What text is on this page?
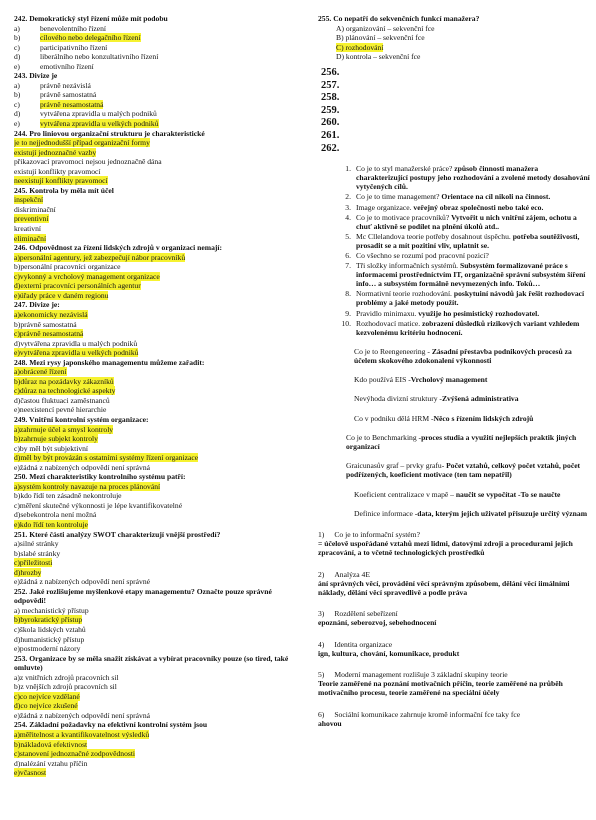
242. Demokratický styl řízení může mít podobu
a)	benevolentního řízení
b)	cílového nebo delegačního řízení
c)	participativního řízení
d)	liberálního nebo konzultativního řízení
e)	emotivního řízení
243. Divize je
a)	právně nezávislá
b)	právně samostatná
c)	právně nesamostatná
d)	vytvářena zpravidla u malých podniků
e)	vytvářena zpravidla u velkých podniků
244. Pro liniovou organizační strukturu je charakteristické
je to nejjednodušší případ organizační formy
existují jednoznačné vazby
přikazovací pravomoci nejsou jednoznačně dána
existují konflikty pravomocí
neexistují konflikty pravomocí
245. Kontrola by měla mít účel
inspekční
diskriminační
preventivní
kreativní
eliminační
246. Odpovědnost za řízení lidských zdrojů v organizaci nemají:
a)personální agentury, jež zabezpečují nábor pracovníků
b)personální pracovníci organizace
c)vykonný a vrcholový management organizace
d)externí pracovníci personálních agentur
e)úřady práce v daném regionu
247. Divize je:
a)ekonomicky nezávislá
b)právně samostatná
c)právně nesamostatná
d)vytvářena zpravidla u malých podniků
e)vytvářena zpravidla u velkých podniků
248. Mezi rysy japonského managementu můžeme zařadit:
a)obrácené řízení
b)důraz na pozádavky zákazníků
c)důraz na technologické aspekty
d)častou fluktuaci zaměstnanců
e)neexistencí pevné hierarchie
249. Vnitřní kontrolní systém organizace:
a)zahrnuje účel a smysl kontroly
b)zahrnuje subjekt kontroly
c)by měl být subjektivní
d)měl by být provázán s ostatními systémy řízení organizace
e)žádná z nabízených odpovědí není správná
250. Mezi charakteristiky kontrolního systému patří:
a)systém kontroly navazuje na proces plánování
b)kdo řídí ten zásadně nekontroluje
c)měření skutečné výkonnosti je lépe kvantifikovatelné
d)sebekontrola není možná
e)kdo řídí ten kontroluje
251. Které části analýzy SWOT charakterizují vnější prostředí?
a)silné stránky
b)slabé stránky
c)příležitosti
d)hrozby
e)žádná z nabízených odpovědí není správné
252. Jaké rozlišujeme myšlenkové etapy managementu? Označte pouze správné odpovědi!
a) mechanistický přístup
b)byrokratický přístup
c)škola lidských vztahů
d)humanistický přístup
e)postmoderní názory
253. Organizace by se měla snažit získávat a vybírat pracovníky pouze (so tired, také omluvte)
a)z vnitřních zdrojů pracovních sil
b)z vnějších zdrojů pracovních sil
c)co nejvíce vzdělané
d)co nejvíce zkušené
e)žádná z nabízených odpovědí není správná
254. Základní požadavky na efektivní kontrolní systém jsou
a)měřitelnost a kvantifikovatelnost výsledků
b)nákladová efektivnost
c)stanovení jednoznačné zodpovědnosti
d)nalézání vztahu příčin
e)včasnost
255. Co nepatří do sekvenčních funkcí manažera?
A) organizování – sekvenční fce
B) plánování – sekvenční fce
C) rozhodování
D) kontrola – sekvenční fce
256.
257.
258.
259.
260.
261.
262.
1. Co je to styl manažerské práce? způsob činnosti manažera charakterizující postupy jeho rozhodování a zvolené metody dosahování vytyčených cílů.
2. Co je to time management? Orientace na cíl nikoli na činnost.
3. Image organizace. veřejný obraz společnosti nebo také eco.
4. Co je to motivace pracovníků? Vytvořit u nich vnitřní zájem, ochotu a chuť aktivně se podílet na plnění úkolů atd..
5. Mc Cllelandova teorie potřeby dosahnout úspěchu. potřeba soutěživosti, prosadit se a mít pozitiní vliv, uplatnit se.
6. Co všechno se rozumí pod pracovní pozicí?
7. Tři složky informačních systémů. Subsystém formalizované práce s informacemi prostředníctvím IT, organizačně správní subsystém šíření info… a subsystém formálně nevymezených info. Toků…
8. Normativní teorie rozhodování. poskytuiní návodů jak řešit rozhodovací problémy a jaké metody použít.
9. Pravidlo minimaxu. využije ho pesimistický rozhodovatel.
10. Rozhodovací matice. zobrazení důsledků rizikových variant vzhledem kezvolenému kritériu hodnocení.
Co je to Reengeneering - Zásadní přestavba podnikových procesů za účelem skokového zdokonalení výkonnosti
Kdo používá EIS -Vrcholový management
Nevýhoda divizní struktury -Zvýšená administrativa
Co v podniku dělá HRM -Něco s řízením lidských zdrojů
Co je to Benchmarking -proces studia a využití nejlepších praktik jiných organizací
Graicunasův graf – prvky grafu- Počet vztahů, celkový počet vztahů, počet podřízených, koeficient motivace (ten tam nepatřil)
Koeficient centralizace v mapě – naučit se vypočítat -To se naučte
Definice informace -data, kterým jejich uživatel přisuzuje určitý význam
1) Co je to informační systém?
= účelově uspořádané vztahů mezi lidmi, datovými zdroji a procedurami jejich zpracování, a to včetně technologických prostředků
2) Analýza 4E
ání správných věcí, provádění věcí správným způsobem, dělání věcí iimálními náklady, dělání věcí spravedlivě a podle práva
3) Rozdělení sebeřízení
epoznání, seberozvoj, sebehodnocení
4) Identita organizace
ign, kultura, chování, komunikace, produkt
5) Moderní management rozlišuje 3 základní skupiny teorie
Teorie zaměřené na poznání motivačních příčin, teorie zaměřené na průběh motivačního procesu, teorie zaměřené na speciální účely
6) Sociální komunikace zahrnuje kromě informační fce taky fce
ahovou
